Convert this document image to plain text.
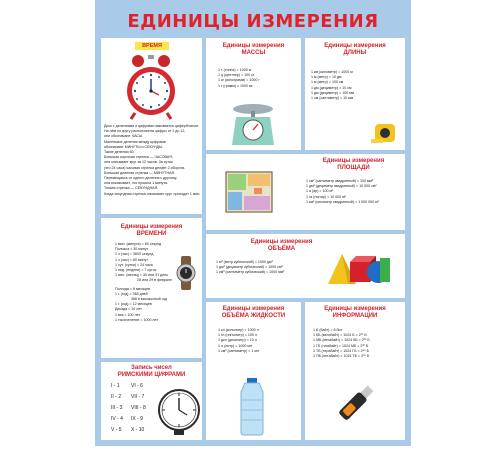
ЕДИНИЦЫ ИЗМЕРЕНИЯ
ВРЕМЯ
Диск с делениями и цифрами называется циферблатом.
На нём по кругу расположены цифры от 1 до 12,
они обозначают ЧАСЫ.
Маленькие деления между цифрами
обозначают МИНУТЫ и СЕКУНДЫ.
Такие деления 60.
Большая короткая стрелка — ЧАСОВАЯ,
она описывает круг за 12 часов. За сутки
(это 24 часа) часовая стрелка делает 2 оборота.
Большая длинная стрелка — МИНУТНАЯ.
Перемещаясь от одного деления к другому,
она показывает, что прошла 1 минута.
Тонкая стрелка — СЕКУНДНАЯ.
Когда секундная стрелка описывает круг, проходит 1 мин.
Единицы измерения
МАССЫ
1 т (тонна) = 1000 кг
1 ц (центнер) = 100 кг
1 кг (килограмм) = 1000 г
1 г (грамм) = 1000 мг
Единицы измерения
ДЛИНЫ
1 км (километр) = 1000 м
1 м (метр) = 10 дм
1 м (метр) = 100 см
1 дм (дециметр) = 10 см
1 дм (дециметр) = 100 мм
1 см (сантиметр) = 10 мм
Единицы измерения
ПЛОЩАДИ
1 см² (сантиметр квадратный) = 100 мм²
1 дм² (дециметр квадратный) = 10 000 см²
1 а (ар) = 100 м²
1 га (гектар) = 10 000 м²
1 км² (километр квадратный) = 1 000 000 м²
Единицы измерения
ВРЕМЕНИ
1 мин. (минута) = 60 секунд
Полчаса = 30 минут
1 ч (час) = 3600 секунд
1 ч (час) = 60 минут
1 сут. (сутки) = 24 часа
1 нед. (неделя) = 7 суток
1 мес. (месяц) = 30 или 31 день
28 или 29 в феврале
Полгода = 6 месяцев
1 г. (год) = 365 дней
366 в високосный год
1 г. (год) = 12 месяцев
Декада = 10 лет
1 век = 100 лет
1 тысячелетие = 1000 лет
Единицы измерения
ОБЪЁМА
1 м³ (метр кубический) = 1000 дм³
1 дм³ (дециметр кубический) = 1000 см³
1 см³ (сантиметр кубический) = 1000 мм³
Запись чисел
РИМСКИМИ ЦИФРАМИ
I - 1	VI - 6
II - 2	VII - 7
III - 3	VIII - 8
IV - 4	IX - 9
V - 5	X - 10
Единицы измерения
ОБЪЁМА ЖИДКОСТИ
1 кл (килолитр) = 1000 л
1 гл (гектолитр) = 100 л
1 дкл (декалитр) = 10 л
1 л (литр) = 1000 мл
1 см³ (сантиметр) = 1 мл
Единицы измерения
ИНФОРМАЦИИ
1 Б (байт) = 8 бит
1 КБ (килобайт) = 1024 Б = 2¹⁰ Б
1 МБ (мегабайт) = 1024 КБ = 2²⁰ Б
1 ГБ (гигабайт) = 1024 МБ = 2³⁰ Б
1 ТБ (терабайт) = 1024 ГБ = 2⁴⁰ Б
1 ПБ (петабайт) = 1024 ТБ = 2⁵⁰ Б
